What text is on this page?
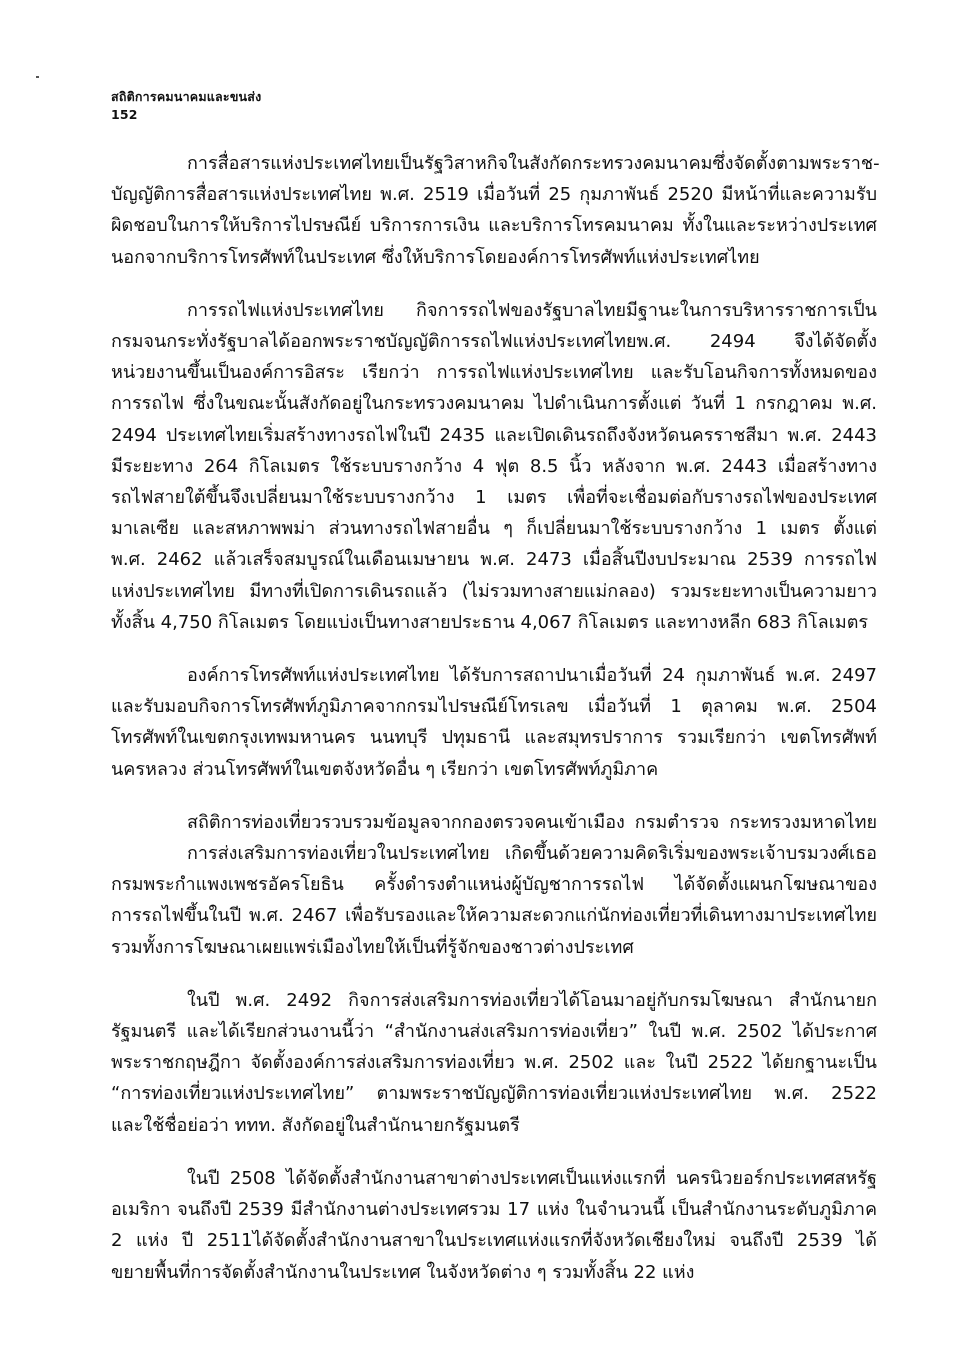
สถิติการคมนาคมและขนส่ง
152
การสื่อสารแห่งประเทศไทยเป็นรัฐวิสาหกิจในสังกัดกระทรวงคมนาคมซึ่งจัดตั้งตามพระราช-
บัญญัติการสื่อสารแห่งประเทศไทย พ.ศ. 2519 เมื่อวันที่ 25 กุมภาพันธ์ 2520 มีหน้าที่และความรับ
ผิดชอบในการให้บริการไปรษณีย์ บริการการเงิน และบริการโทรคมนาคม ทั้งในและระหว่างประเทศ
นอกจากบริการโทรศัพท์ในประเทศ ซึ่งให้บริการโดยองค์การโทรศัพท์แห่งประเทศไทย
การรถไฟแห่งประเทศไทย กิจการรถไฟของรัฐบาลไทยมีฐานะในการบริหารราชการเป็น
กรมจนกระทั่งรัฐบาลได้ออกพระราชบัญญัติการรถไฟแห่งประเทศไทยพ.ศ. 2494 จึงได้จัดตั้ง
หน่วยงานขึ้นเป็นองค์การอิสระ เรียกว่า การรถไฟแห่งประเทศไทย และรับโอนกิจการทั้งหมดของ
การรถไฟ ซึ่งในขณะนั้นสังกัดอยู่ในกระทรวงคมนาคม ไปดำเนินการตั้งแต่ วันที่ 1 กรกฎาคม พ.ศ.
2494 ประเทศไทยเริ่มสร้างทางรถไฟในปี 2435 และเปิดเดินรถถึงจังหวัดนครราชสีมา พ.ศ. 2443
มีระยะทาง 264 กิโลเมตร ใช้ระบบรางกว้าง 4 ฟุต 8.5 นิ้ว หลังจาก พ.ศ. 2443 เมื่อสร้างทาง
รถไฟสายใต้ขึ้นจึงเปลี่ยนมาใช้ระบบรางกว้าง 1 เมตร เพื่อที่จะเชื่อมต่อกับรางรถไฟของประเทศ
มาเลเซีย และสหภาพพม่า ส่วนทางรถไฟสายอื่น ๆ ก็เปลี่ยนมาใช้ระบบรางกว้าง 1 เมตร ตั้งแต่
พ.ศ. 2462 แล้วเสร็จสมบูรณ์ในเดือนเมษายน พ.ศ. 2473 เมื่อสิ้นปีงบประมาณ 2539 การรถไฟ
แห่งประเทศไทย มีทางที่เปิดการเดินรถแล้ว (ไม่รวมทางสายแม่กลอง) รวมระยะทางเป็นความยาว
ทั้งสิ้น 4,750 กิโลเมตร โดยแบ่งเป็นทางสายประธาน 4,067 กิโลเมตร และทางหลีก 683 กิโลเมตร
องค์การโทรศัพท์แห่งประเทศไทย ได้รับการสถาปนาเมื่อวันที่ 24 กุมภาพันธ์ พ.ศ. 2497
และรับมอบกิจการโทรศัพท์ภูมิภาคจากกรมไปรษณีย์โทรเลข เมื่อวันที่ 1 ตุลาคม พ.ศ. 2504
โทรศัพท์ในเขตกรุงเทพมหานคร นนทบุรี ปทุมธานี และสมุทรปราการ รวมเรียกว่า เขตโทรศัพท์
นครหลวง ส่วนโทรศัพท์ในเขตจังหวัดอื่น ๆ เรียกว่า เขตโทรศัพท์ภูมิภาค
สถิติการท่องเที่ยวรวบรวมข้อมูลจากกองตรวจคนเข้าเมือง กรมตำรวจ กระทรวงมหาดไทย
การส่งเสริมการท่องเที่ยวในประเทศไทย เกิดขึ้นด้วยความคิดริเริ่มของพระเจ้าบรมวงศ์เธอ
กรมพระกำแพงเพชรอัครโยธิน ครั้งดำรงตำแหน่งผู้บัญชาการรถไฟ ได้จัดตั้งแผนกโฆษณาของ
การรถไฟขึ้นในปี พ.ศ. 2467 เพื่อรับรองและให้ความสะดวกแก่นักท่องเที่ยวที่เดินทางมาประเทศไทย
รวมทั้งการโฆษณาเผยแพร่เมืองไทยให้เป็นที่รู้จักของชาวต่างประเทศ
ในปี พ.ศ. 2492 กิจการส่งเสริมการท่องเที่ยวได้โอนมาอยู่กับกรมโฆษณา สำนักนายก
รัฐมนตรี และได้เรียกส่วนงานนี้ว่า “สำนักงานส่งเสริมการท่องเที่ยว” ในปี พ.ศ. 2502 ได้ประกาศ
พระราชกฤษฎีกา จัดตั้งองค์การส่งเสริมการท่องเที่ยว พ.ศ. 2502 และ ในปี 2522 ได้ยกฐานะเป็น
“การท่องเที่ยวแห่งประเทศไทย” ตามพระราชบัญญัติการท่องเที่ยวแห่งประเทศไทย พ.ศ. 2522
และใช้ชื่อย่อว่า ททท. สังกัดอยู่ในสำนักนายกรัฐมนตรี
ในปี 2508 ได้จัดตั้งสำนักงานสาขาต่างประเทศเป็นแห่งแรกที่ นครนิวยอร์กประเทศสหรัฐ
อเมริกา จนถึงปี 2539 มีสำนักงานต่างประเทศรวม 17 แห่ง ในจำนวนนี้ เป็นสำนักงานระดับภูมิภาค
2 แห่ง ปี 2511ได้จัดตั้งสำนักงานสาขาในประเทศแห่งแรกที่จังหวัดเชียงใหม่ จนถึงปี 2539 ได้
ขยายพื้นที่การจัดตั้งสำนักงานในประเทศ ในจังหวัดต่าง ๆ รวมทั้งสิ้น 22 แห่ง
